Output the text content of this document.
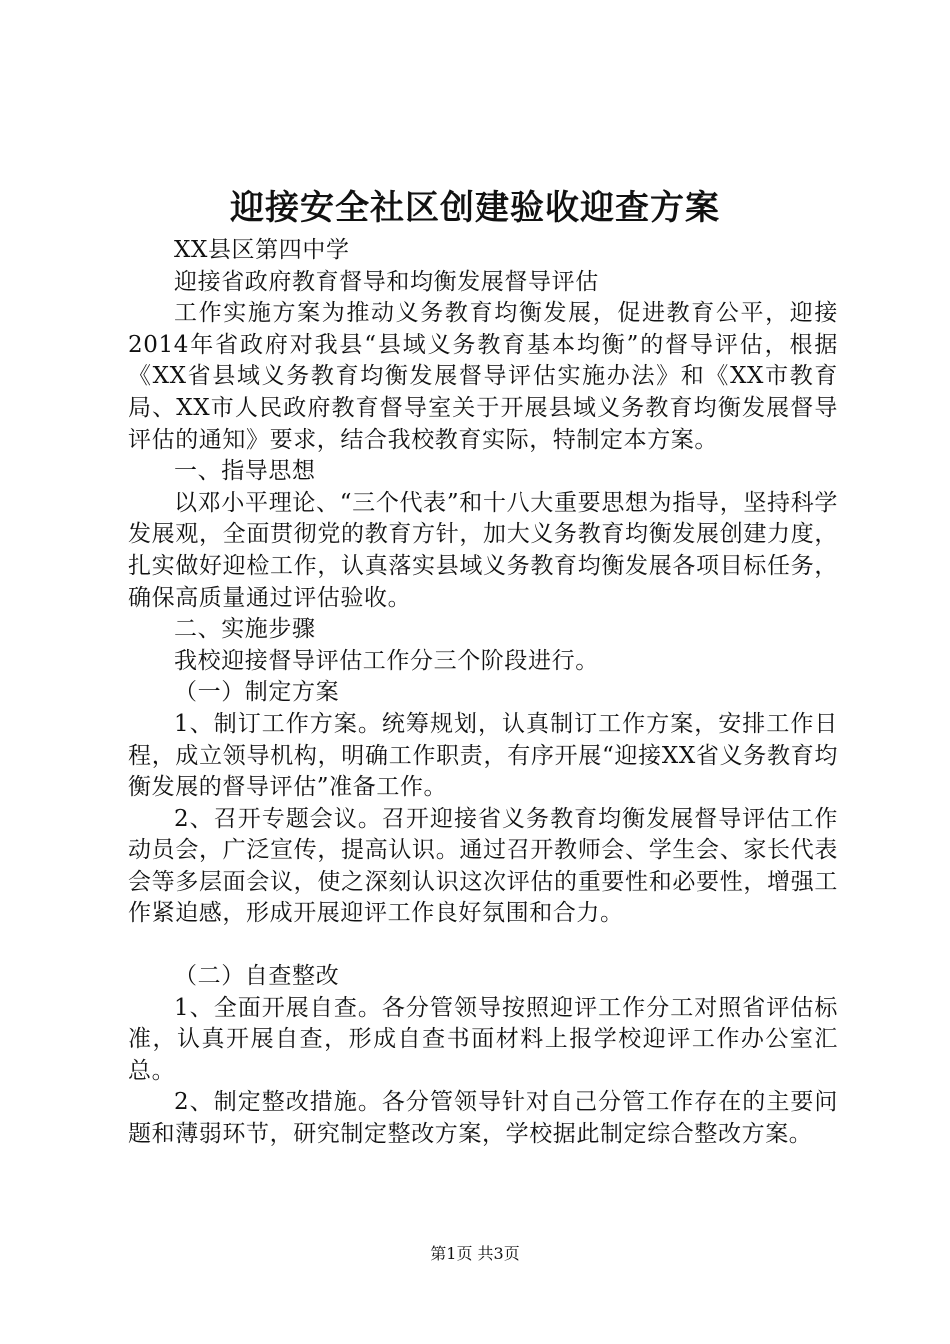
迎接安全社区创建验收迎查方案

XX县区第四中学

迎接省政府教育督导和均衡发展督导评估

工作实施方案为推动义务教育均衡发展，促进教育公平，迎接2014年省政府对我县“县域义务教育基本均衡”的督导评估，根据《XX省县域义务教育均衡发展督导评估实施办法》和《XX市教育局、XX市人民政府教育督导室关于开展县域义务教育均衡发展督导评估的通知》要求，结合我校教育实际，特制定本方案。

一、指导思想

以邓小平理论、“三个代表”和十八大重要思想为指导，坚持科学发展观，全面贯彻党的教育方针，加大义务教育均衡发展创建力度，扎实做好迎检工作，认真落实县域义务教育均衡发展各项目标任务，确保高质量通过评估验收。

二、实施步骤

我校迎接督导评估工作分三个阶段进行。

（一）制定方案

1、制订工作方案。统筹规划，认真制订工作方案，安排工作日程，成立领导机构，明确工作职责，有序开展“迎接XX省义务教育均衡发展的督导评估”准备工作。

2、召开专题会议。召开迎接省义务教育均衡发展督导评估工作动员会，广泛宣传，提高认识。通过召开教师会、学生会、家长代表会等多层面会议，使之深刻认识这次评估的重要性和必要性，增强工作紧迫感，形成开展迎评工作良好氛围和合力。

（二）自查整改

1、全面开展自查。各分管领导按照迎评工作分工对照省评估标准，认真开展自查，形成自查书面材料上报学校迎评工作办公室汇总。

2、制定整改措施。各分管领导针对自己分管工作存在的主要问题和薄弱环节，研究制定整改方案，学校据此制定综合整改方案。

第1页 共3页
